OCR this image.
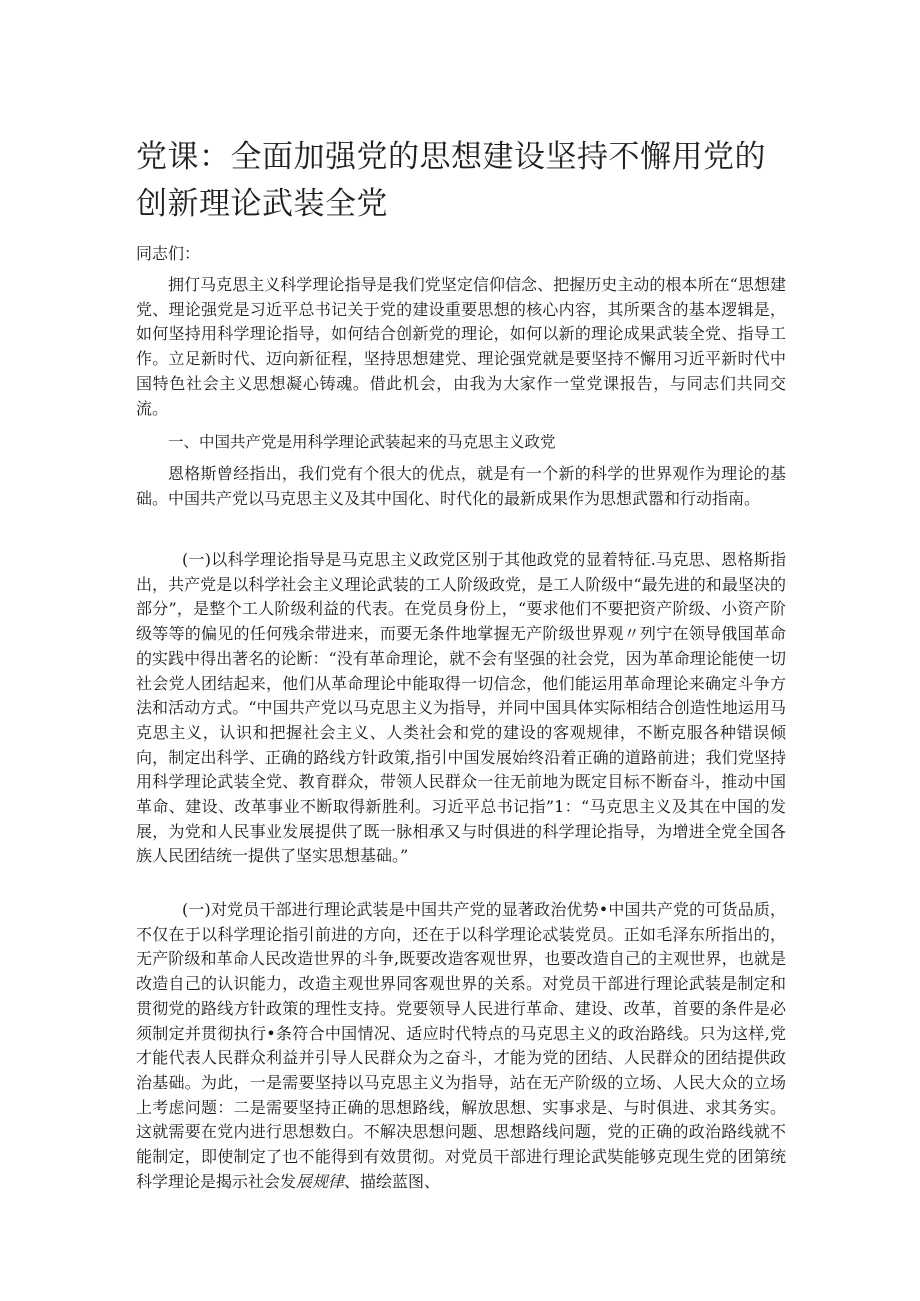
党课：全面加强党的思想建设坚持不懈用党的创新理论武装全党

同志们：

拥仃马克思主义科学理论指导是我们党坚定信仰信念、把握历史主动的根本所在“思想建党、理论强党是习近平总书记关于党的建设重要思想的核心内容，其所栗含的基本逻辑是，如何坚持用科学理论指导，如何结合创新党的理论，如何以新的理论成果武装全党、指导工作。立足新时代、迈向新征程，坚持思想建党、理论强党就是要坚持不懈用习近平新时代中国特色社会主义思想凝心铸魂。借此机会，由我为大家作一堂党课报告，与同志们共同交流。

一、中国共产党是用科学理论武装起来的马克思主义政党

恩格斯曾经指出，我们党有个很大的优点，就是有一个新的科学的世界观作为理论的基础。中国共产党以马克思主义及其中国化、时代化的最新成果作为思想武嚣和行动指南。

(一)以科学理论指导是马克思主义政党区别于其他政党的显着特征.马克思、恩格斯指出，共产党是以科学社会主义理论武装的工人阶级政党，是工人阶级中“最先进的和最坚决的部分”，是整个工人阶级利益的代表。在党员身份上，“要求他们不要把资产阶级、小资产阶级等等的偏见的任何残余带进来，而要无条件地掌握无产阶级世界观〃列宁在领导俄国革命的实践中得出著名的论断：“没有革命理论，就不会有坚强的社会党，因为革命理论能使一切社会党人团结起来，他们从革命理论中能取得一切信念，他们能运用革命理论来确定斗争方法和活动方式。“中国共产党以马克思主义为指导，并同中国具体实际相结合创造性地运用马克思主义，认识和把握社会主义、人类社会和党的建设的客观规律，不断克服各种错误倾向，制定出科学、正确的路线方针政策,指引中国发展始终沿着正确的道路前进；我们党坚持用科学理论武装全党、教育群众，带领人民群众一往无前地为既定目标不断奋斗，推动中国革命、建设、改革事业不断取得新胜利。习近平总书记指”1：“马克思主义及其在中国的发展，为党和人民事业发展提供了既一脉相承又与时俱进的科学理论指导，为增进全党全国各族人民团结统一提供了坚实思想基础。”

(一)对党员干部进行理论武装是中国共产党的显著政治优势•中国共产党的可货品质，不仅在于以科学理论指引前进的方向，还在于以科学理论忒装党员。正如毛泽东所指出的，无产阶级和革命人民改造世界的斗争,既要改造客观世界，也要改造自己的主观世界，也就是改造自己的认识能力，改造主观世界同客观世界的关系。对党员干部进行理论武装是制定和贯彻党的路线方针政策的理性支持。党要领导人民进行革命、建设、改革，首要的条件是必须制定并贯彻执行•条符合中国情况、适应时代特点的马克思主义的政治路线。只为这样,党才能代表人民群众利益并引导人民群众为之奋斗，才能为党的团结、人民群众的团结提供政治基础。为此，一是需要坚持以马克思主义为指导，站在无产阶级的立场、人民大众的立场上考虑问题：二是需要坚持正确的思想路线，解放思想、实事求是、与时俱进、求其务实。这就需要在党内进行思想数白。不解决思想问题、思想路线问题，党的正确的政治路线就不能制定，即使制定了也不能得到有效贯彻。对党员干部进行理论武奘能够克现生党的团第统科学理论是揭示社会发展规律、描绘蓝图、
